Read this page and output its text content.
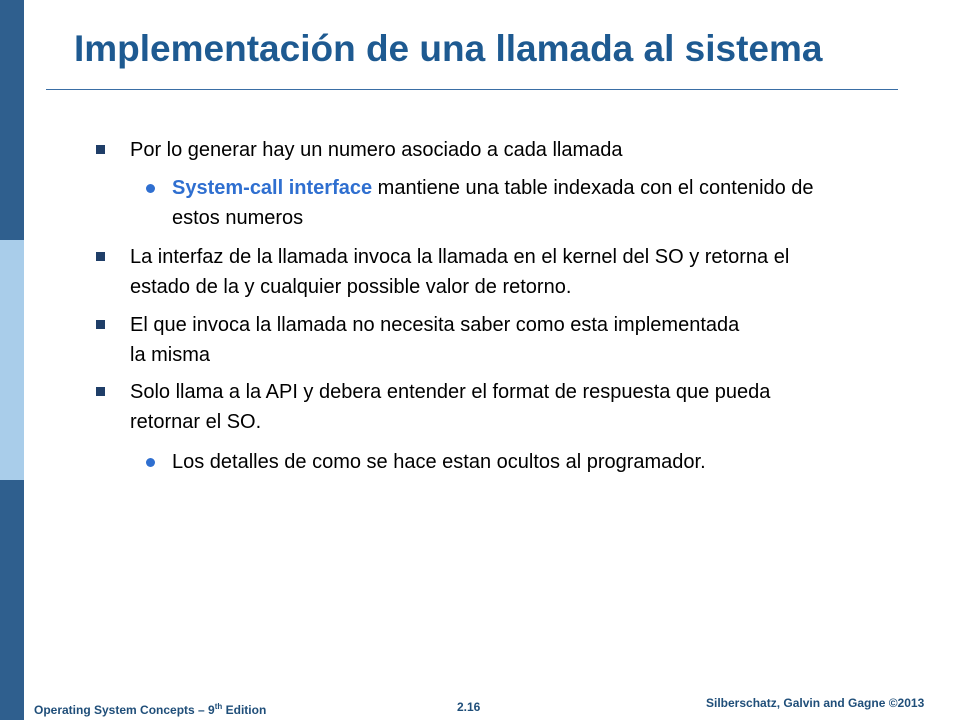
Implementación de una llamada al sistema
Por lo generar hay un numero asociado a cada llamada
System-call interface mantiene una table indexada con el contenido de estos numeros
La interfaz de la llamada invoca la llamada en el kernel del SO y retorna el estado de la y cualquier possible valor de retorno.
El que invoca la llamada no necesita saber como esta implementada la misma
Solo llama a la API y debera entender el format de respuesta que pueda retornar el SO.
Los detalles de como se hace estan ocultos al programador.
Operating System Concepts – 9th Edition	2.16	Silberschatz, Galvin and Gagne ©2013
